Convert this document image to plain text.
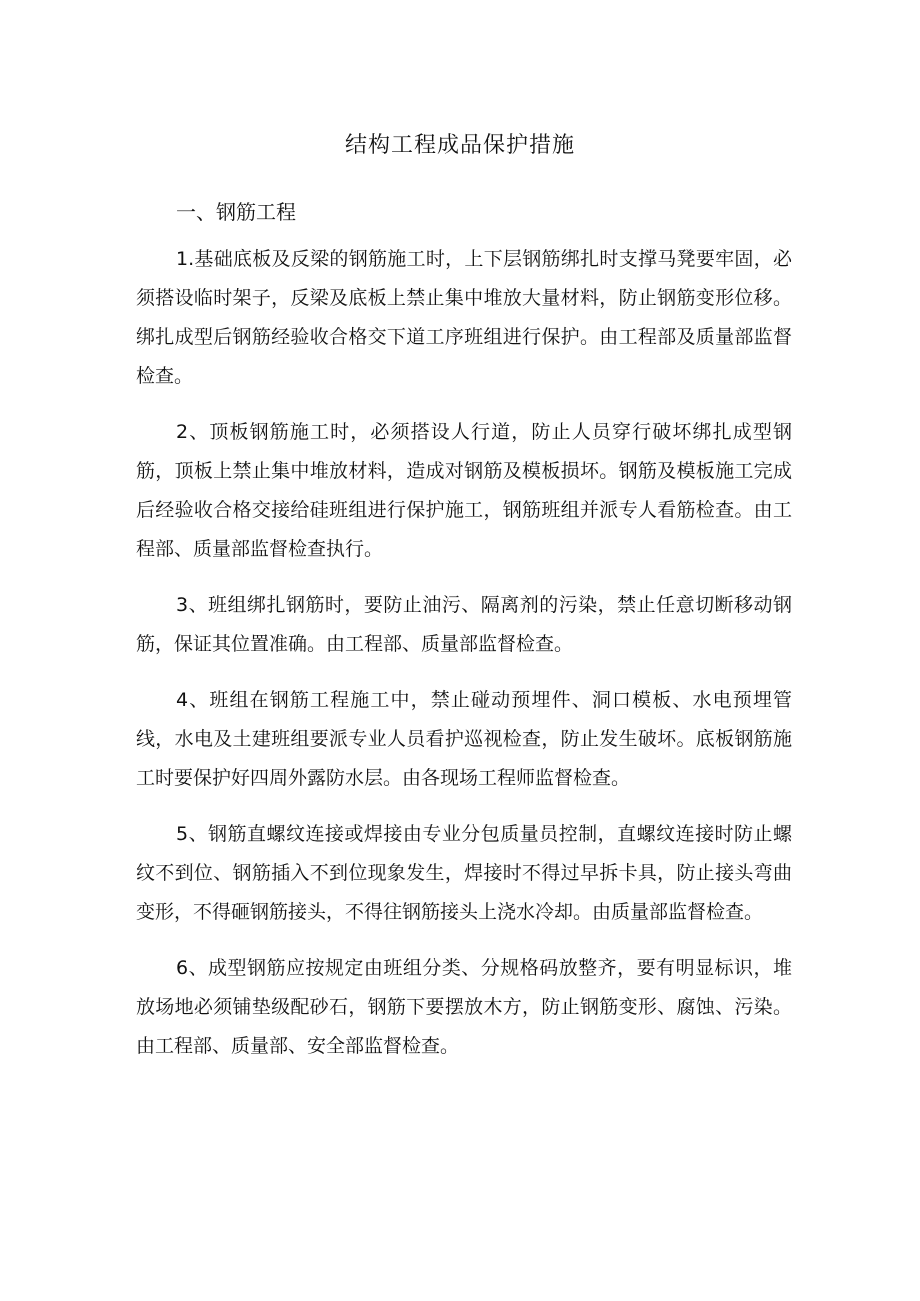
结构工程成品保护措施
一、钢筋工程

1.基础底板及反梁的钢筋施工时，上下层钢筋绑扎时支撑马凳要牢固，必须搭设临时架子，反梁及底板上禁止集中堆放大量材料，防止钢筋变形位移。绑扎成型后钢筋经验收合格交下道工序班组进行保护。由工程部及质量部监督检查。

2、顶板钢筋施工时，必须搭设人行道，防止人员穿行破坏绑扎成型钢筋，顶板上禁止集中堆放材料，造成对钢筋及模板损坏。钢筋及模板施工完成后经验收合格交接给硅班组进行保护施工，钢筋班组并派专人看筋检查。由工程部、质量部监督检查执行。

3、班组绑扎钢筋时，要防止油污、隔离剂的污染，禁止任意切断移动钢筋，保证其位置准确。由工程部、质量部监督检查。

4、班组在钢筋工程施工中，禁止碰动预埋件、洞口模板、水电预埋管线，水电及土建班组要派专业人员看护巡视检查，防止发生破坏。底板钢筋施工时要保护好四周外露防水层。由各现场工程师监督检查。

5、钢筋直螺纹连接或焊接由专业分包质量员控制，直螺纹连接时防止螺纹不到位、钢筋插入不到位现象发生，焊接时不得过早拆卡具，防止接头弯曲变形，不得砸钢筋接头，不得往钢筋接头上浇水冷却。由质量部监督检查。

6、成型钢筋应按规定由班组分类、分规格码放整齐，要有明显标识，堆放场地必须铺垫级配砂石，钢筋下要摆放木方，防止钢筋变形、腐蚀、污染。由工程部、质量部、安全部监督检查。
